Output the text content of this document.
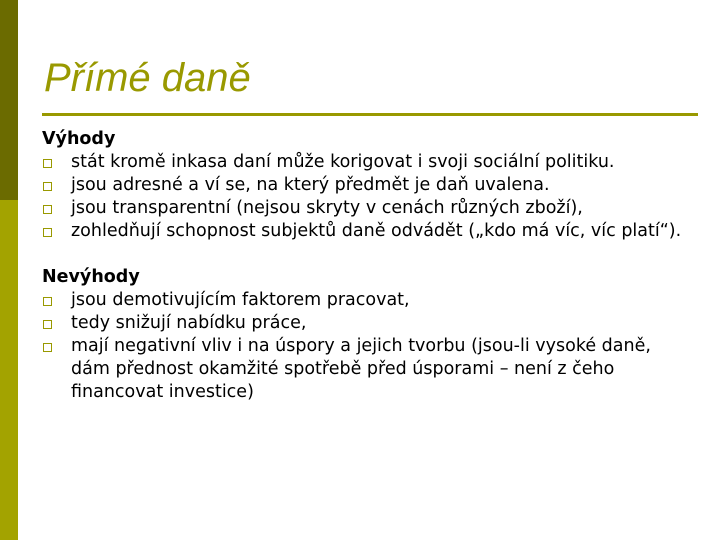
Přímé daně
Výhody
stát kromě inkasa daní může korigovat i svoji sociální politiku.
jsou adresné a ví se, na který předmět je daň uvalena.
jsou transparentní (nejsou skryty v cenách různých zboží),
zohledňují schopnost subjektů daně odvádět („kdo má víc, víc platí“).
Nevýhody
jsou demotivujícím faktorem pracovat,
tedy snižují nabídku práce,
mají negativní vliv i na úspory a jejich tvorbu (jsou-li vysoké daně, dám přednost okamžité spotřebě před úsporami – není z čeho financovat investice)
